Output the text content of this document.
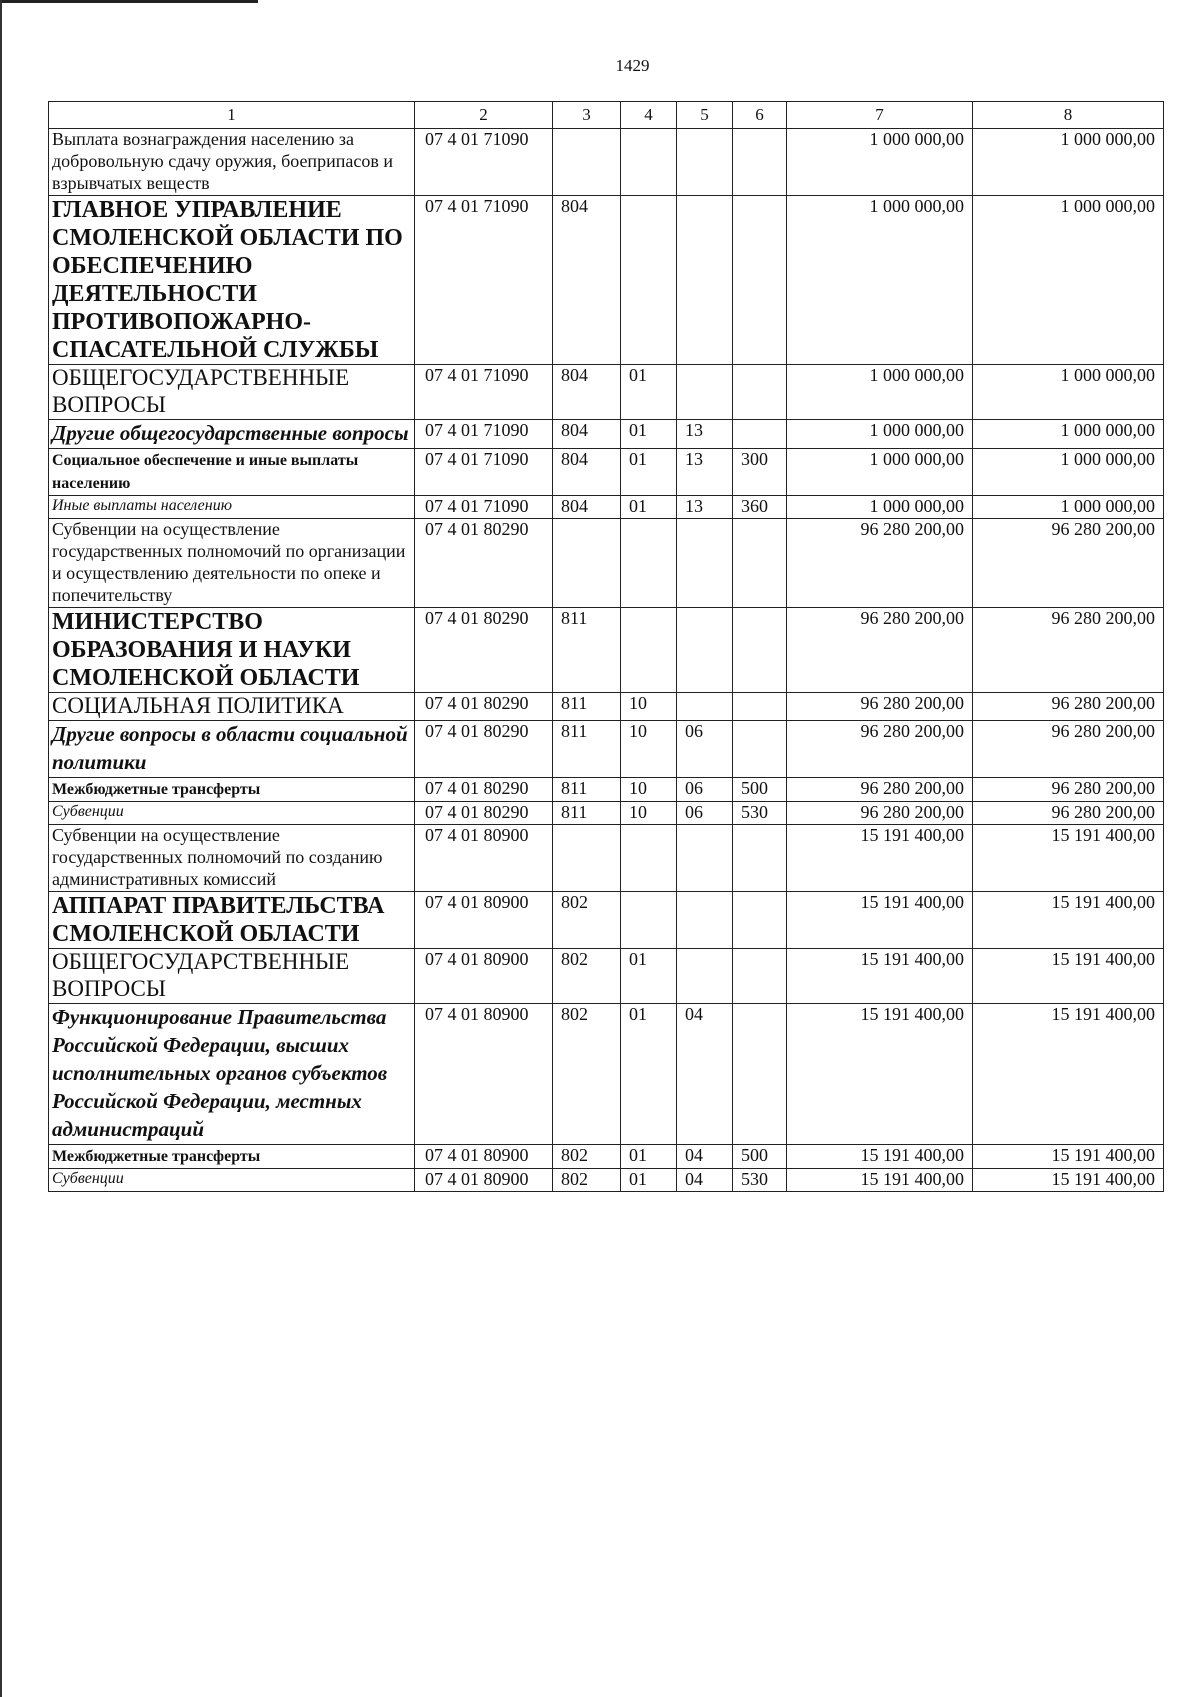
1429
1	2	3	4	5	6	7	8
Выплата вознаграждения населению за добровольную сдачу оружия, боеприпасов и взрывчатых веществ	07 4 01 71090					1 000 000,00	1 000 000,00
ГЛАВНОЕ УПРАВЛЕНИЕ СМОЛЕНСКОЙ ОБЛАСТИ ПО ОБЕСПЕЧЕНИЮ ДЕЯТЕЛЬНОСТИ ПРОТИВОПОЖАРНО-СПАСАТЕЛЬНОЙ СЛУЖБЫ	07 4 01 71090	804				1 000 000,00	1 000 000,00
ОБЩЕГОСУДАРСТВЕННЫЕ ВОПРОСЫ	07 4 01 71090	804	01			1 000 000,00	1 000 000,00
Другие общегосударственные вопросы	07 4 01 71090	804	01	13		1 000 000,00	1 000 000,00
Социальное обеспечение и иные выплаты населению	07 4 01 71090	804	01	13	300	1 000 000,00	1 000 000,00
Иные выплаты населению	07 4 01 71090	804	01	13	360	1 000 000,00	1 000 000,00
Субвенции на осуществление государственных полномочий по организации и осуществлению деятельности по опеке и попечительству	07 4 01 80290					96 280 200,00	96 280 200,00
МИНИСТЕРСТВО ОБРАЗОВАНИЯ И НАУКИ СМОЛЕНСКОЙ ОБЛАСТИ	07 4 01 80290	811				96 280 200,00	96 280 200,00
СОЦИАЛЬНАЯ ПОЛИТИКА	07 4 01 80290	811	10			96 280 200,00	96 280 200,00
Другие вопросы в области социальной политики	07 4 01 80290	811	10	06		96 280 200,00	96 280 200,00
Межбюджетные трансферты	07 4 01 80290	811	10	06	500	96 280 200,00	96 280 200,00
Субвенции	07 4 01 80290	811	10	06	530	96 280 200,00	96 280 200,00
Субвенции на осуществление государственных полномочий по созданию административных комиссий	07 4 01 80900					15 191 400,00	15 191 400,00
АППАРАТ ПРАВИТЕЛЬСТВА СМОЛЕНСКОЙ ОБЛАСТИ	07 4 01 80900	802				15 191 400,00	15 191 400,00
ОБЩЕГОСУДАРСТВЕННЫЕ ВОПРОСЫ	07 4 01 80900	802	01			15 191 400,00	15 191 400,00
Функционирование Правительства Российской Федерации, высших исполнительных органов субъектов Российской Федерации, местных администраций	07 4 01 80900	802	01	04		15 191 400,00	15 191 400,00
Межбюджетные трансферты	07 4 01 80900	802	01	04	500	15 191 400,00	15 191 400,00
Субвенции	07 4 01 80900	802	01	04	530	15 191 400,00	15 191 400,00
